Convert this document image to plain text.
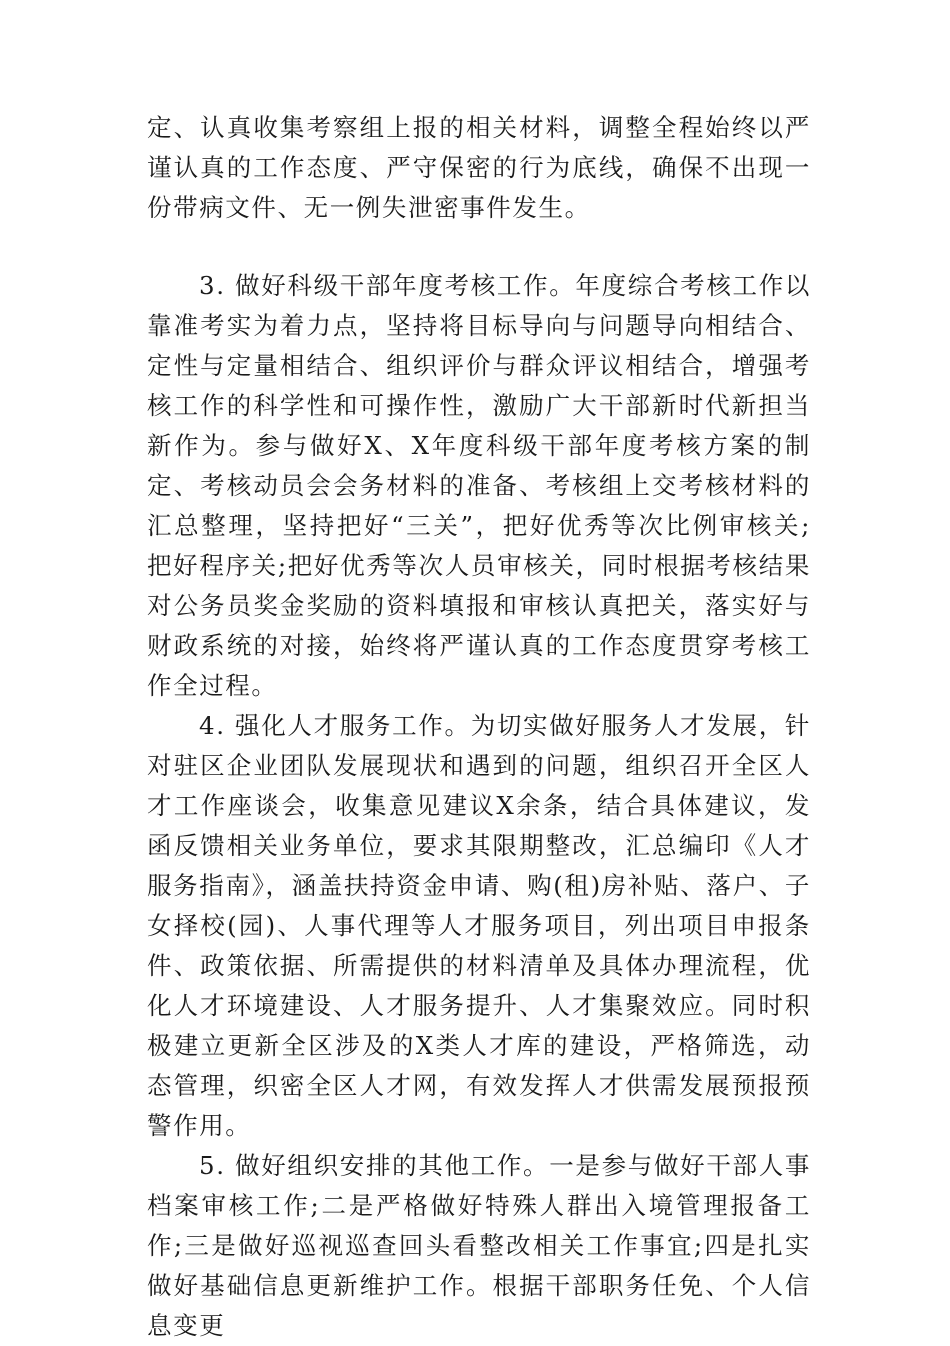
定、认真收集考察组上报的相关材料，调整全程始终以严谨认真的工作态度、严守保密的行为底线，确保不出现一份带病文件、无一例失泄密事件发生。

3. 做好科级干部年度考核工作。年度综合考核工作以靠准考实为着力点，坚持将目标导向与问题导向相结合、定性与定量相结合、组织评价与群众评议相结合，增强考核工作的科学性和可操作性，激励广大干部新时代新担当新作为。参与做好X、X年度科级干部年度考核方案的制定、考核动员会会务材料的准备、考核组上交考核材料的汇总整理，坚持把好“三关”，把好优秀等次比例审核关;把好程序关;把好优秀等次人员审核关，同时根据考核结果对公务员奖金奖励的资料填报和审核认真把关，落实好与财政系统的对接，始终将严谨认真的工作态度贯穿考核工作全过程。

4. 强化人才服务工作。为切实做好服务人才发展，针对驻区企业团队发展现状和遇到的问题，组织召开全区人才工作座谈会，收集意见建议X余条，结合具体建议，发函反馈相关业务单位，要求其限期整改，汇总编印《人才服务指南》，涵盖扶持资金申请、购(租)房补贴、落户、子女择校(园)、人事代理等人才服务项目，列出项目申报条件、政策依据、所需提供的材料清单及具体办理流程，优化人才环境建设、人才服务提升、人才集聚效应。同时积极建立更新全区涉及的X类人才库的建设，严格筛选，动态管理，织密全区人才网，有效发挥人才供需发展预报预警作用。

5. 做好组织安排的其他工作。一是参与做好干部人事档案审核工作;二是严格做好特殊人群出入境管理报备工作;三是做好巡视巡查回头看整改相关工作事宜;四是扎实做好基础信息更新维护工作。根据干部职务任免、个人信息变更
